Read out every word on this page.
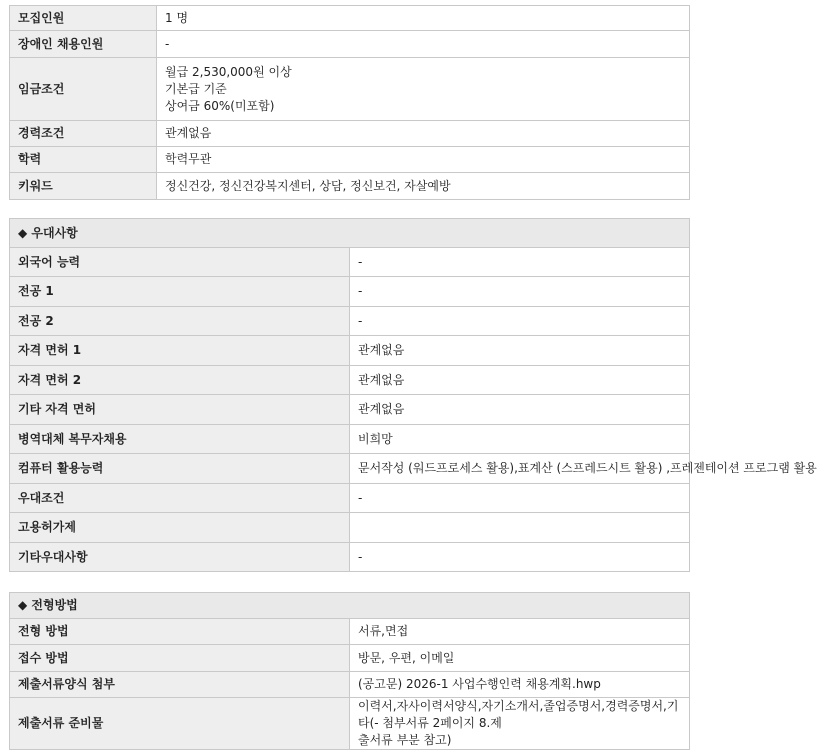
모집인원	1 명
장애인 채용인원	-
임금조건	월급 2,530,000원 이상
기본급 기준
상여금 60%(미포함)

경력조건	관계없음
학력	학력무관
키워드	정신건강, 정신건강복지센터, 상담, 정신보건, 자살예방
◆ 우대사항	
외국어 능력	-
전공 1	-
전공 2	-
자격 면허 1	관계없음
자격 면허 2	관계없음
기타 자격 면허	관계없음
병역대체 복무자채용	비희망
컴퓨터 활용능력	문서작성 (워드프로세스 활용),표계산 (스프레드시트 활용) ,프레젠테이션 프로그램 활용
우대조건	-
고용허가제	
기타우대사항	-
◆ 전형방법	
전형 방법	서류,면접
접수 방법	방문, 우편, 이메일
제출서류양식 첨부	(공고문) 2026-1 사업수행인력 채용계획.hwp
제출서류 준비물	이력서,자사이력서양식,자기소개서,졸업증명서,경력증명서,기타(- 첨부서류 2페이지 8.제
출서류 부분 참고)
